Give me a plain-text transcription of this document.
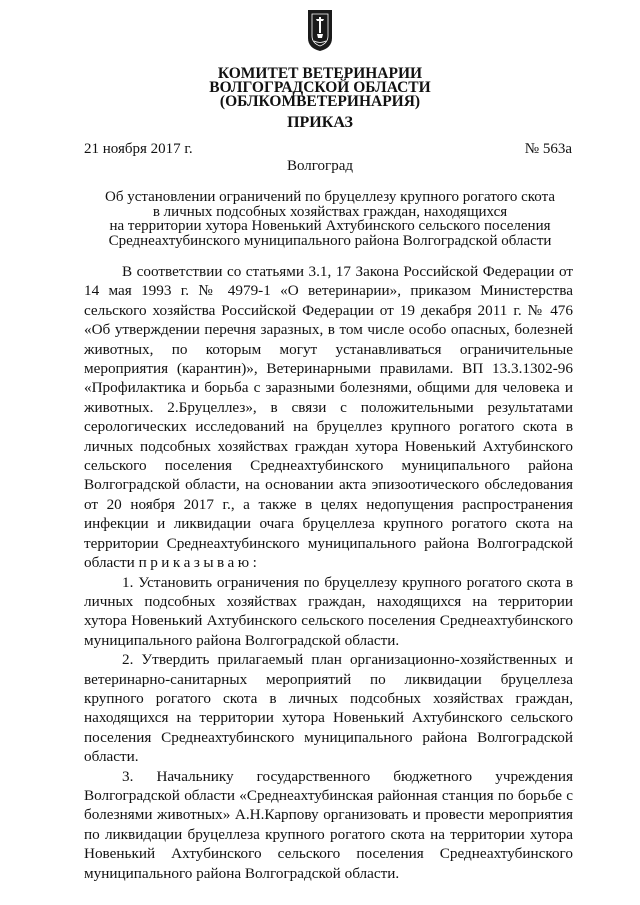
КОМИТЕТ ВЕТЕРИНАРИИ
ВОЛГОГРАДСКОЙ ОБЛАСТИ
(ОБЛКОМВЕТЕРИНАРИЯ)
ПРИКАЗ
21 ноября 2017 г.	№ 563а
Волгоград
Об установлении ограничений по бруцеллезу крупного рогатого скота
в личных подсобных хозяйствах граждан, находящихся
на территории хутора Новенький Ахтубинского сельского поселения
Среднеахтубинского муниципального района Волгоградской области

В соответствии со статьями 3.1, 17 Закона Российской Федерации от 14 мая 1993 г. № 4979-1 «О ветеринарии», приказом Министерства сельского хозяйства Российской Федерации от 19 декабря 2011 г. № 476 «Об утверждении перечня заразных, в том числе особо опасных, болезней животных, по которым могут устанавливаться ограничительные мероприятия (карантин)», Ветеринарными правилами. ВП 13.3.1302-96 «Профилактика и борьба с заразными болезнями, общими для человека и животных. 2.Бруцеллез», в связи с положительными результатами серологических исследований на бруцеллез крупного рогатого скота в личных подсобных хозяйствах граждан хутора Новенький Ахтубинского сельского поселения Среднеахтубинского муниципального района Волгоградской области, на основании акта эпизоотического обследования от 20 ноября 2017 г., а также в целях недопущения распространения инфекции и ликвидации очага бруцеллеза крупного рогатого скота на территории Среднеахтубинского муниципального района Волгоградской области приказываю:

1. Установить ограничения по бруцеллезу крупного рогатого скота в личных подсобных хозяйствах граждан, находящихся на территории хутора Новенький Ахтубинского сельского поселения Среднеахтубинского муниципального района Волгоградской области.

2. Утвердить прилагаемый план организационно-хозяйственных и ветеринарно-санитарных мероприятий по ликвидации бруцеллеза крупного рогатого скота в личных подсобных хозяйствах граждан, находящихся на территории хутора Новенький Ахтубинского сельского поселения Среднеахтубинского муниципального района Волгоградской области.

3. Начальнику государственного бюджетного учреждения Волгоградской области «Среднеахтубинская районная станция по борьбе с болезнями животных» А.Н.Карпову организовать и провести мероприятия по ликвидации бруцеллеза крупного рогатого скота на территории хутора Новенький Ахтубинского сельского поселения Среднеахтубинского муниципального района Волгоградской области.
